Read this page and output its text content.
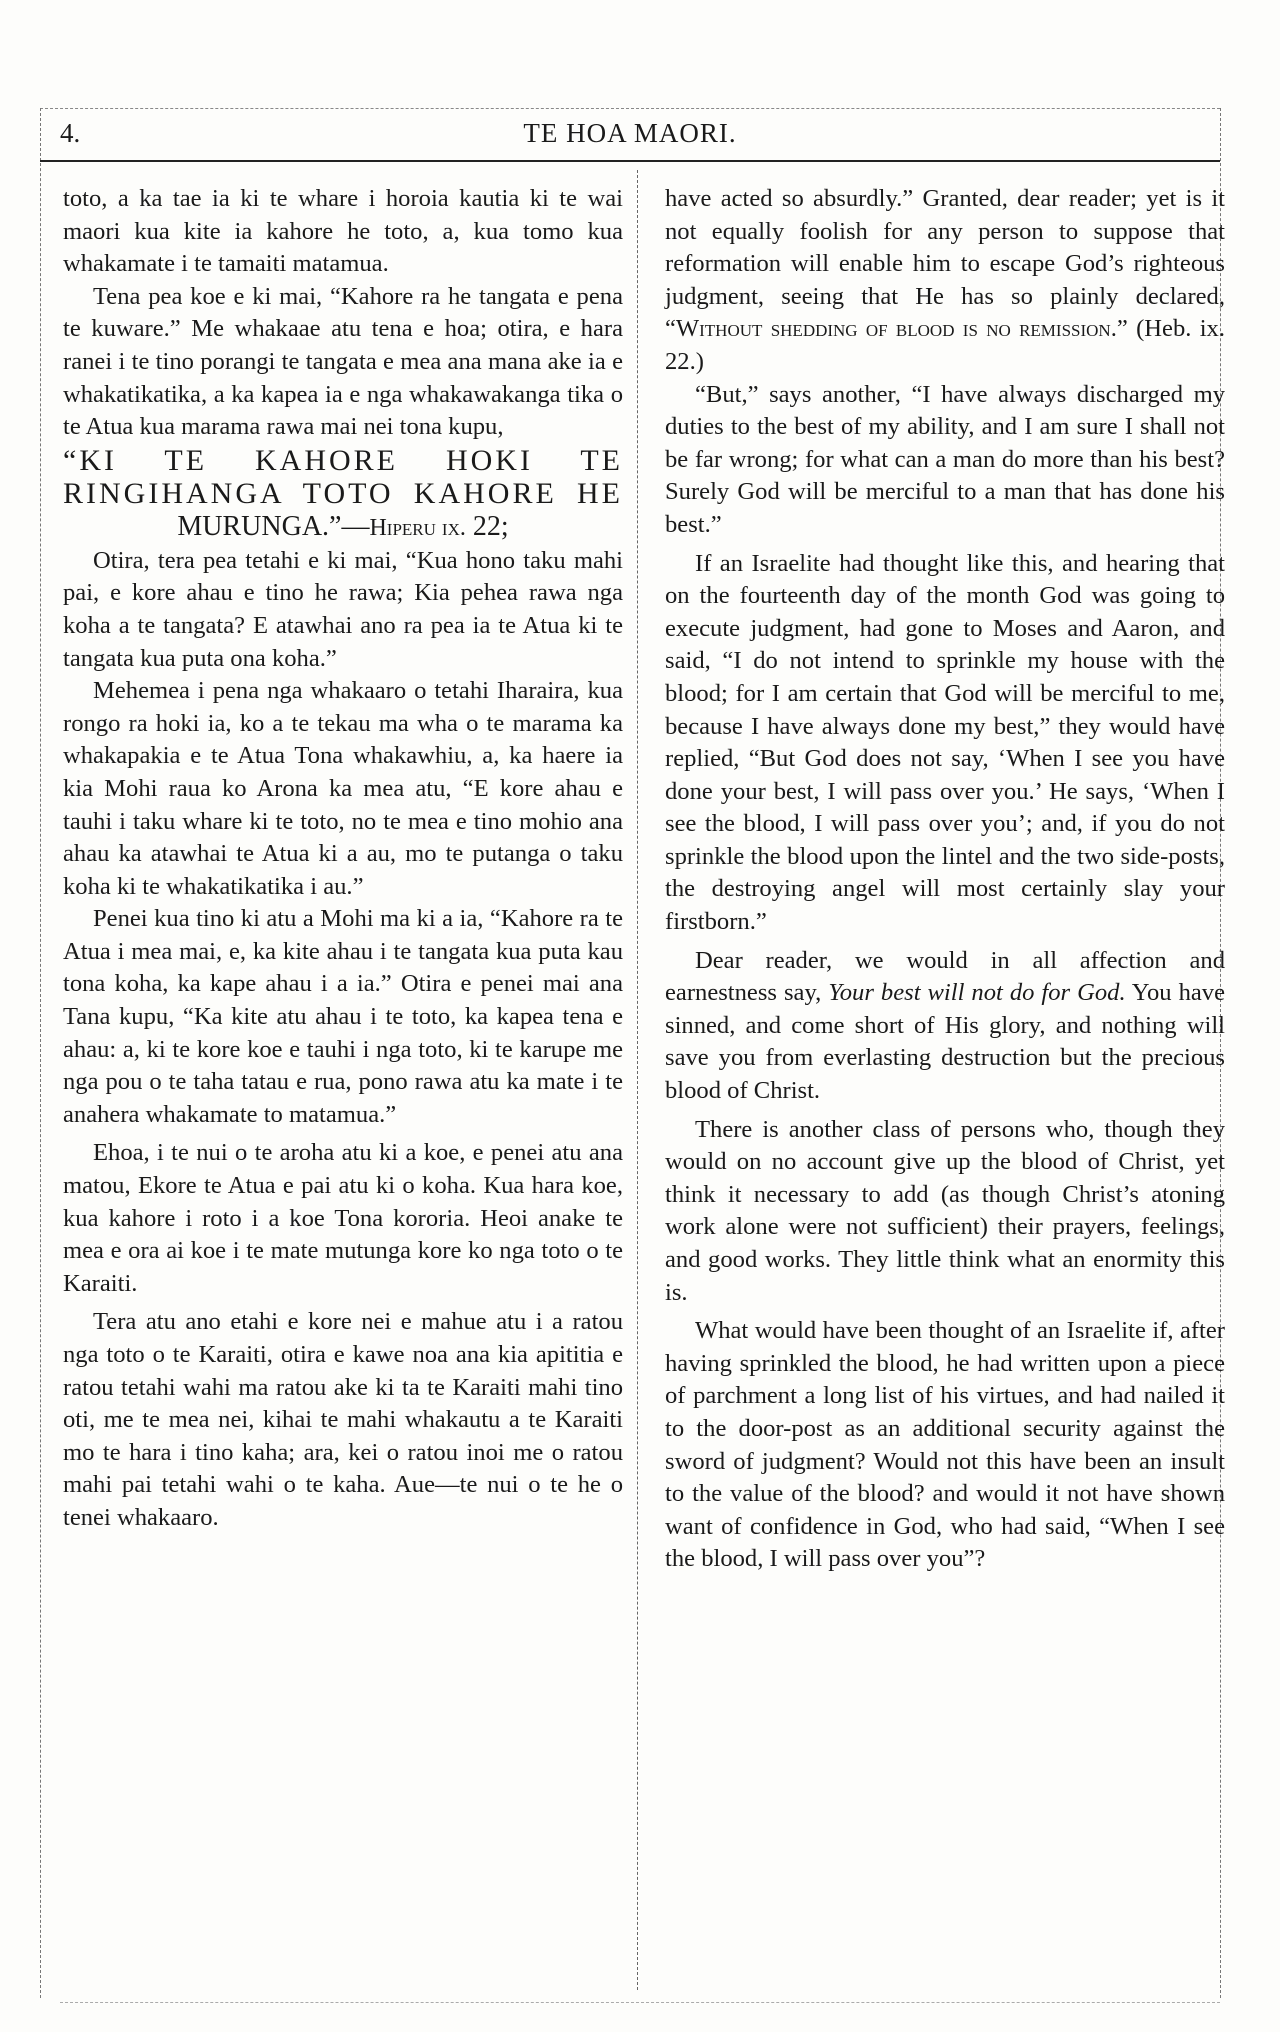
4.	TE HOA MAORI.

toto, a ka tae ia ki te whare i horoia kautia ki te wai maori kua kite ia kahore he toto, a, kua tomo kua whakamate i te tamaiti matamua.

Tena pea koe e ki mai, “Kahore ra he tangata e pena te kuware.” Me whakaae atu tena e hoa; otira, e hara ranei i te tino porangi te tangata e mea ana mana ake ia e whakatikatika, a ka kapea ia e nga whakawakanga tika o te Atua kua marama rawa mai nei tona kupu,

“KI TE KAHORE HOKI TE RINGIHANGA TOTO KAHORE HE

MURUNGA.”—Hiperu ix. 22;

Otira, tera pea tetahi e ki mai, “Kua hono taku mahi pai, e kore ahau e tino he rawa; Kia pehea rawa nga koha a te tangata? E atawhai ano ra pea ia te Atua ki te tangata kua puta ona koha.”

Mehemea i pena nga whakaaro o tetahi Iharaira, kua rongo ra hoki ia, ko a te tekau ma wha o te marama ka whakapakia e te Atua Tona whakawhiu, a, ka haere ia kia Mohi raua ko Arona ka mea atu, “E kore ahau e tauhi i taku whare ki te toto, no te mea e tino mohio ana ahau ka atawhai te Atua ki a au, mo te putanga o taku koha ki te whakatikatika i au.”

Penei kua tino ki atu a Mohi ma ki a ia, “Kahore ra te Atua i mea mai, e, ka kite ahau i te tangata kua puta kau tona koha, ka kape ahau i a ia.” Otira e penei mai ana Tana kupu, “Ka kite atu ahau i te toto, ka kapea tena e ahau: a, ki te kore koe e tauhi i nga toto, ki te karupe me nga pou o te taha tatau e rua, pono rawa atu ka mate i te anahera whakamate to matamua.”

Ehoa, i te nui o te aroha atu ki a koe, e penei atu ana matou, Ekore te Atua e pai atu ki o koha. Kua hara koe, kua kahore i roto i a koe Tona kororia. Heoi anake te mea e ora ai koe i te mate mutunga kore ko nga toto o te Karaiti.

Tera atu ano etahi e kore nei e mahue atu i a ratou nga toto o te Karaiti, otira e kawe noa ana kia apititia e ratou tetahi wahi ma ratou ake ki ta te Karaiti mahi tino oti, me te mea nei, kihai te mahi whakautu a te Karaiti mo te hara i tino kaha; ara, kei o ratou inoi me o ratou mahi pai tetahi wahi o te kaha. Aue—te nui o te he o tenei whakaaro.

have acted so absurdly.” Granted, dear reader; yet is it not equally foolish for any person to suppose that reformation will enable him to escape God’s righteous judgment, seeing that He has so plainly declared, “Without shedding of blood is no remission.” (Heb. ix. 22.)

“But,” says another, “I have always discharged my duties to the best of my ability, and I am sure I shall not be far wrong; for what can a man do more than his best? Surely God will be merciful to a man that has done his best.”

If an Israelite had thought like this, and hearing that on the fourteenth day of the month God was going to execute judgment, had gone to Moses and Aaron, and said, “I do not intend to sprinkle my house with the blood; for I am certain that God will be merciful to me, because I have always done my best,” they would have replied, “But God does not say, ‘When I see you have done your best, I will pass over you.’ He says, ‘When I see the blood, I will pass over you’; and, if you do not sprinkle the blood upon the lintel and the two side-posts, the destroying angel will most certainly slay your firstborn.”

Dear reader, we would in all affection and earnestness say, Your best will not do for God. You have sinned, and come short of His glory, and nothing will save you from everlasting destruction but the precious blood of Christ.

There is another class of persons who, though they would on no account give up the blood of Christ, yet think it necessary to add (as though Christ’s atoning work alone were not sufficient) their prayers, feelings, and good works. They little think what an enormity this is.

What would have been thought of an Israelite if, after having sprinkled the blood, he had written upon a piece of parchment a long list of his virtues, and had nailed it to the door-post as an additional security against the sword of judgment? Would not this have been an insult to the value of the blood? and would it not have shown want of confidence in God, who had said, “When I see the blood, I will pass over you”?
